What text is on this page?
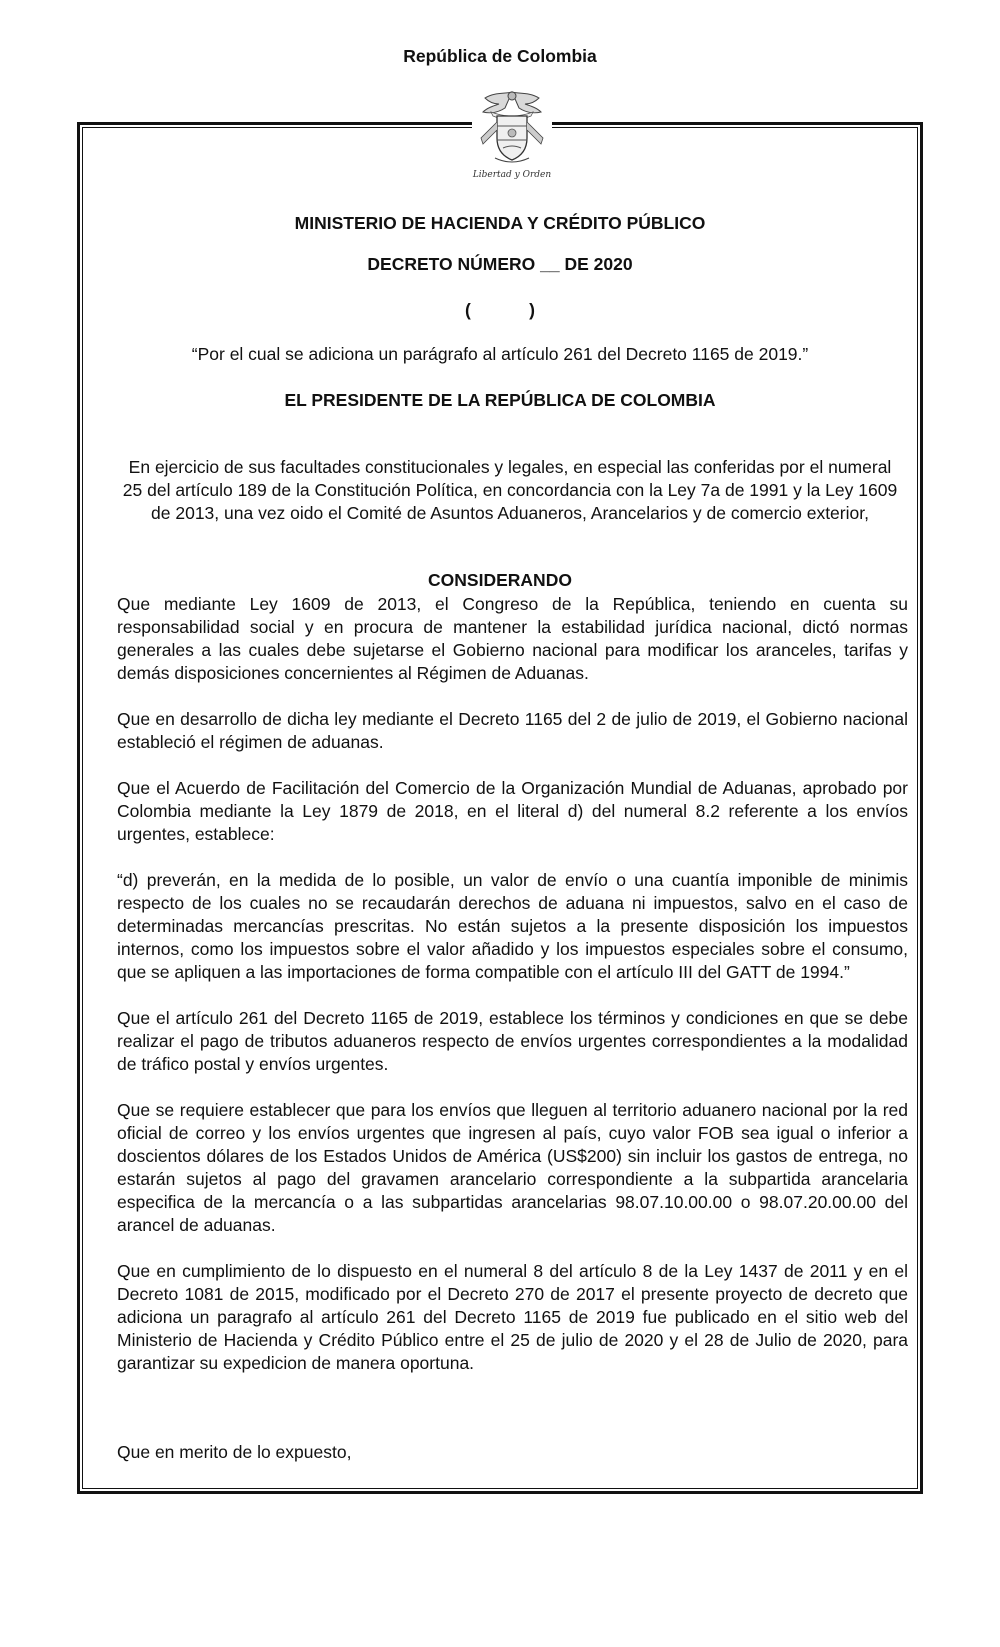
República de Colombia
Libertad y Orden
MINISTERIO DE HACIENDA Y CRÉDITO PÚBLICO
DECRETO NÚMERO __ DE 2020
(            )
“Por el cual se adiciona un parágrafo al artículo 261 del Decreto 1165 de 2019.”
EL PRESIDENTE DE LA REPÚBLICA DE COLOMBIA
En ejercicio de sus facultades constitucionales y legales, en especial las conferidas por el numeral 25 del artículo 189 de la Constitución Política, en concordancia con la Ley 7a de 1991 y la Ley 1609 de 2013, una vez oido el Comité de Asuntos Aduaneros, Arancelarios y de comercio exterior,
CONSIDERANDO

Que mediante Ley 1609 de 2013, el Congreso de la República, teniendo en cuenta su responsabilidad social y en procura de mantener la estabilidad jurídica nacional, dictó normas generales a las cuales debe sujetarse el Gobierno nacional para modificar los aranceles, tarifas y demás disposiciones concernientes al Régimen de Aduanas.

Que en desarrollo de dicha ley mediante el Decreto 1165 del 2 de julio de 2019, el Gobierno nacional estableció el régimen de aduanas.

Que el Acuerdo de Facilitación del Comercio de la Organización Mundial de Aduanas, aprobado por Colombia mediante la Ley 1879 de 2018, en el literal d) del numeral 8.2 referente a los envíos urgentes, establece:

“d) preverán, en la medida de lo posible, un valor de envío o una cuantía imponible de minimis respecto de los cuales no se recaudarán derechos de aduana ni impuestos, salvo en el caso de determinadas mercancías prescritas. No están sujetos a la presente disposición los impuestos internos, como los impuestos sobre el valor añadido y los impuestos especiales sobre el consumo, que se apliquen a las importaciones de forma compatible con el artículo III del GATT de 1994.”

Que el artículo 261 del Decreto 1165 de 2019, establece los términos y condiciones en que se debe realizar el pago de tributos aduaneros respecto de envíos urgentes correspondientes a la modalidad de tráfico postal y envíos urgentes.

Que se requiere establecer que para los envíos que lleguen al territorio aduanero nacional por la red oficial de correo y los envíos urgentes que ingresen al país, cuyo valor FOB sea igual o inferior a doscientos dólares de los Estados Unidos de América (US$200) sin incluir los gastos de entrega, no estarán sujetos al pago del gravamen arancelario correspondiente a la subpartida arancelaria especifica de la mercancía o a las subpartidas arancelarias 98.07.10.00.00 o 98.07.20.00.00 del arancel de aduanas.

Que en cumplimiento de lo dispuesto en el numeral 8 del artículo 8 de la Ley 1437 de 2011 y en el Decreto 1081 de 2015, modificado por el Decreto 270 de 2017 el presente proyecto de decreto que adiciona un paragrafo al artículo 261 del Decreto 1165 de 2019 fue publicado en el sitio web del Ministerio de Hacienda y Crédito Público entre el 25 de julio de 2020 y el 28 de Julio de 2020, para garantizar su expedicion de manera oportuna.

Que en merito de lo expuesto,
